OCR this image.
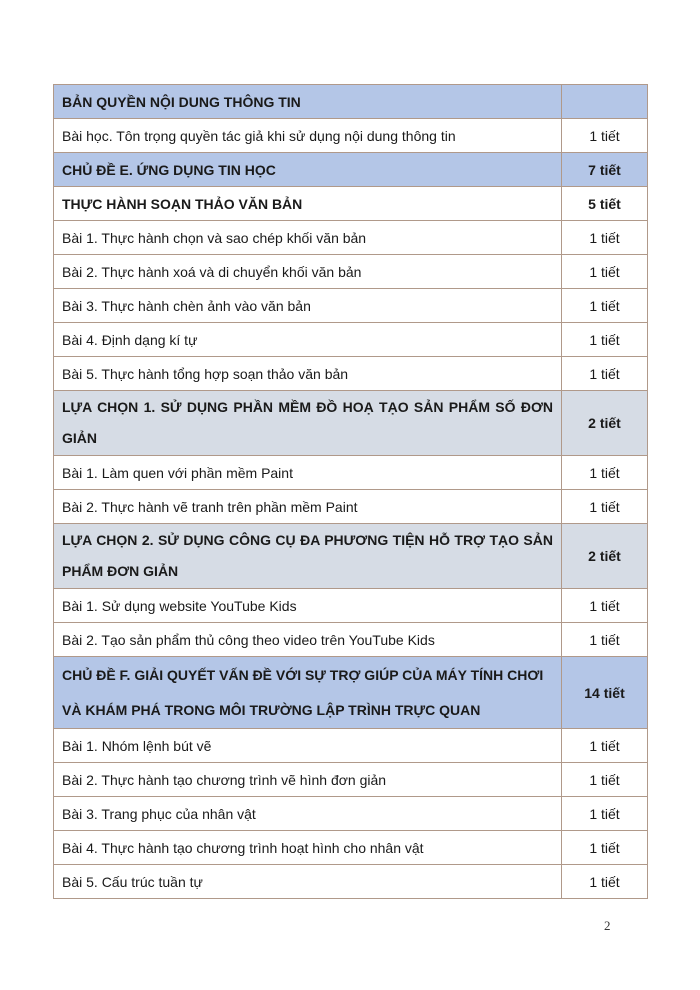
BẢN QUYỀN NỘI DUNG THÔNG TIN	
Bài học. Tôn trọng quyền tác giả khi sử dụng nội dung thông tin	1 tiết
CHỦ ĐỀ E. ỨNG DỤNG TIN HỌC	7 tiết
THỰC HÀNH SOẠN THẢO VĂN BẢN	5 tiết
Bài 1. Thực hành chọn và sao chép khối văn bản	1 tiết
Bài 2. Thực hành xoá và di chuyển khối văn bản	1 tiết
Bài 3. Thực hành chèn ảnh vào văn bản	1 tiết
Bài 4. Định dạng kí tự	1 tiết
Bài 5. Thực hành tổng hợp soạn thảo văn bản	1 tiết
LỰA CHỌN 1. SỬ DỤNG PHẦN MỀM ĐỒ HOẠ TẠO SẢN PHẨM SỐ ĐƠN GIẢN	2 tiết
Bài 1. Làm quen với phần mềm Paint	1 tiết
Bài 2. Thực hành vẽ tranh trên phần mềm Paint	1 tiết
LỰA CHỌN 2. SỬ DỤNG CÔNG CỤ ĐA PHƯƠNG TIỆN HỖ TRỢ TẠO SẢN PHẨM ĐƠN GIẢN	2 tiết
Bài 1. Sử dụng website YouTube Kids	1 tiết
Bài 2. Tạo sản phẩm thủ công theo video trên YouTube Kids	1 tiết
CHỦ ĐỀ F. GIẢI QUYẾT VẤN ĐỀ VỚI SỰ TRỢ GIÚP CỦA MÁY TÍNH CHƠI VÀ KHÁM PHÁ TRONG MÔI TRƯỜNG LẬP TRÌNH TRỰC QUAN	14 tiết
Bài 1. Nhóm lệnh bút vẽ	1 tiết
Bài 2. Thực hành tạo chương trình vẽ hình đơn giản	1 tiết
Bài 3. Trang phục của nhân vật	1 tiết
Bài 4. Thực hành tạo chương trình hoạt hình cho nhân vật	1 tiết
Bài 5. Cấu trúc tuần tự	1 tiết
2
